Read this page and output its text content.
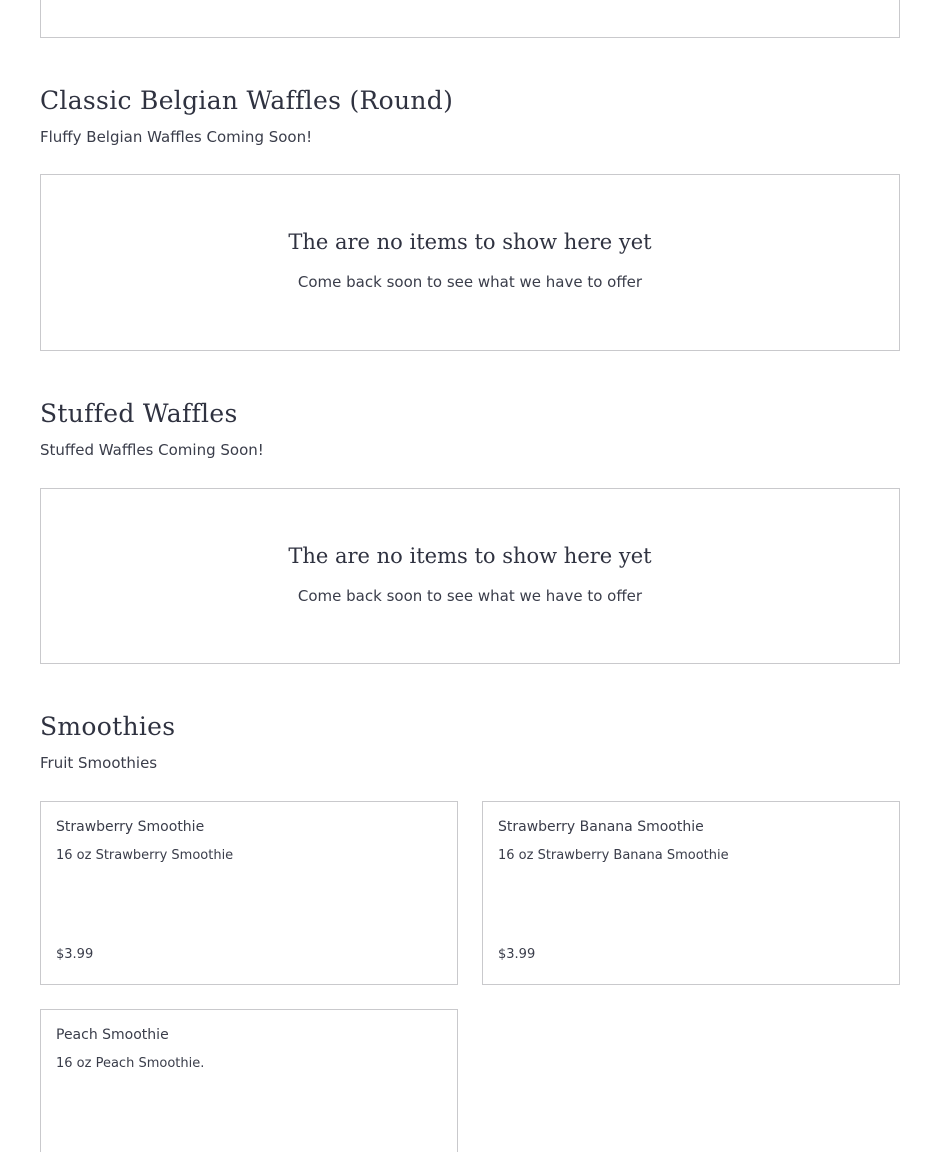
Classic Belgian Waffles (Round)

Fluffy Belgian Waffles Coming Soon!

The are no items to show here yet
Come back soon to see what we have to offer
Stuffed Waffles

Stuffed Waffles Coming Soon!

The are no items to show here yet
Come back soon to see what we have to offer
Smoothies

Fruit Smoothies

Strawberry Smoothie
16 oz Strawberry Smoothie
$3.99
Strawberry Banana Smoothie
16 oz Strawberry Banana Smoothie
$3.99
Peach Smoothie
16 oz Peach Smoothie.
